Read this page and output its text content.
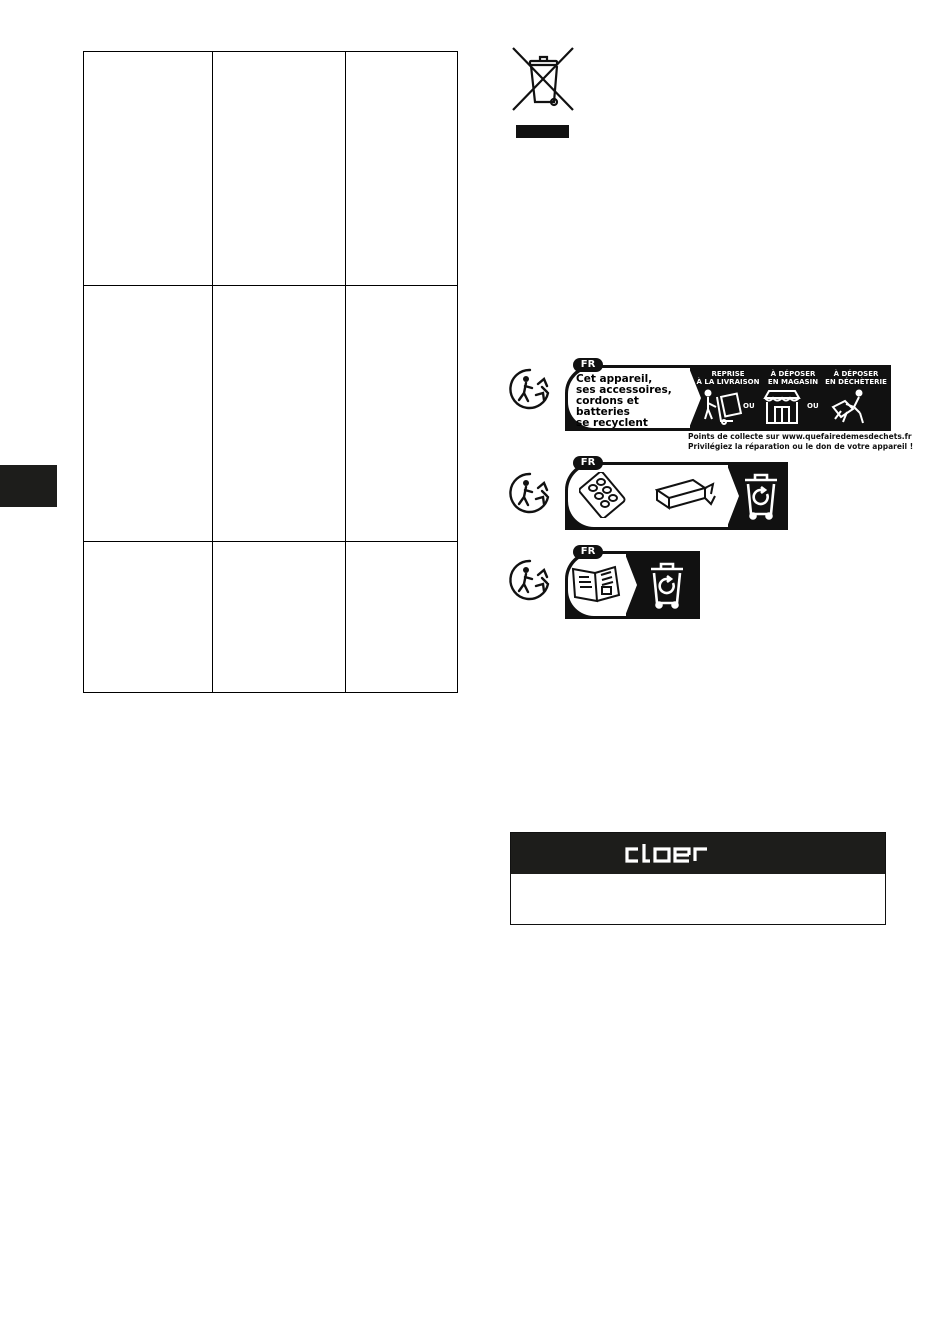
Cet appareil,
ses accessoires,
cordons et batteries
se recyclent
REPRISE
À LA LIVRAISON
À DÉPOSER
EN MAGASIN
À DÉPOSER
EN DÉCHÈTERIE
OU	OU
FR
Points de collecte sur www.quefairedemesdechets.fr
Privilégiez la réparation ou le don de votre appareil !
+
FR
FR
